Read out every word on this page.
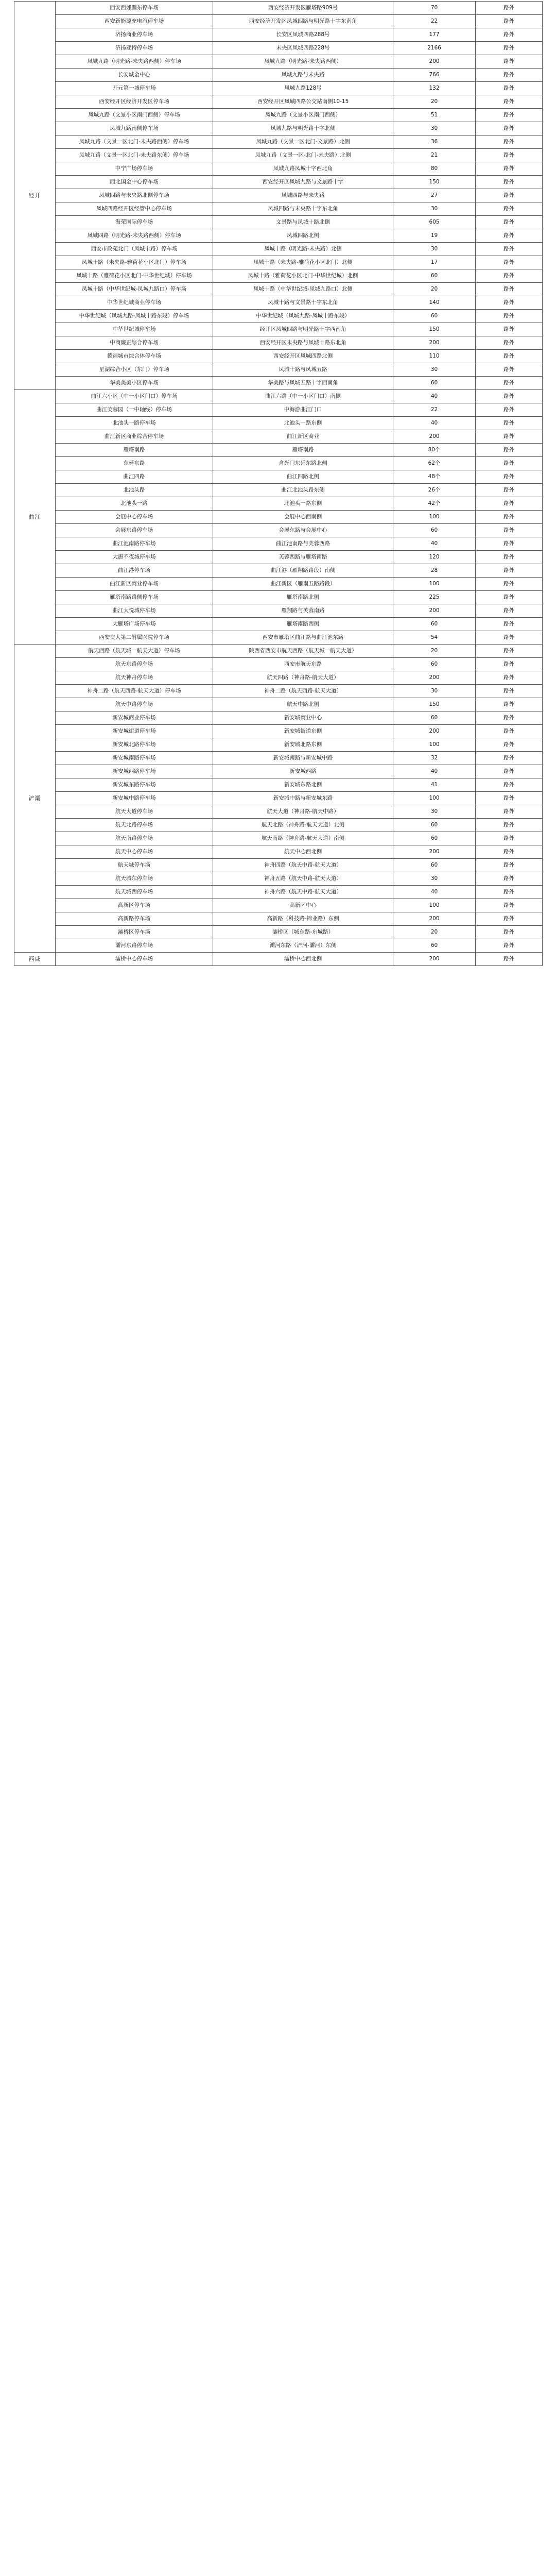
经开	西安西郊鹏东停车场	西安经济开发区雁塔路909号	70	路外
	西安新能源充电汽停车场	西安经济开发区凤城四路与明光路十字东南角	22	路外
	济扬商业停车场	长安区凤城四路288号	177	路外
	济扬亚特停车场	未央区凤城四路228号	2166	路外
	凤城九路（明光路-未央路西侧）停车场	凤城九路（明光路-未央路西侧）	200	路外
	长安城金中心	凤城九路与未央路	766	路外
	开元第一城停车场	凤城九路128号	132	路外
	西安经开区经济开发区停车场	西安经开区凤城四路公交站南侧10-15	20	路外
	凤城九路（文景小区南门西侧）停车场	凤城九路（文景小区南门西侧）	51	路外
	凤城九路南侧停车场	凤城九路与明光路十字北侧	30	路外
	凤城九路（文景一区北门-未央路西侧）停车场	凤城九路（文景一区北门-文景路）北侧	36	路外
	凤城九路（文景一区北门-未央路东侧）停车场	凤城九路（文景一区-北门-未央路）北侧	21	路外
	中宁广场停车场	凤城九路凤城十字西北角	80	路外
	西北国金中心停车场	西安经开区凤城九路与文景路十字	150	路外
	凤城四路与未央路北侧停车场	凤城四路与未央路	27	路外
	凤城四路经开区经管中心停车场	凤城四路与未央路十字东北角	30	路外
	海荣国际停车场	文景路与凤城十路北侧	605	路外
	凤城四路（明光路-未央路西侧）停车场	凤城四路北侧	19	路外
	西安市政苑北门（凤城十路）停车场	凤城十路（明光路-未央路）北侧	30	路外
	凤城十路（未央路-雅荷花小区北门）停车场	凤城十路（未央路-雅荷花小区北门）北侧	17	路外
	凤城十路（雅荷花小区北门-中华世纪城）停车场	凤城十路（雅荷花小区北门-中华世纪城）北侧	60	路外
	凤城十路（中华世纪城-凤城九路口）停车场	凤城十路（中华世纪城-凤城九路口）北侧	20	路外
	中华世纪城商业停车场	凤城十路与文景路十字东北角	140	路外
	中华世纪城（凤城九路-凤城十路东段）停车场	中华世纪城（凤城九路-凤城十路东段）	60	路外
	中华世纪城停车场	经开区凤城四路与明光路十字西南角	150	路外
	中商廉正综合停车场	西安经开区未央路与凤城十路东北角	200	路外
	德福城市综合体停车场	西安经开区凤城四路北侧	110	路外
	星湖综合小区（东门）停车场	凤城十路与凤城五路	30	路外
	华美美美小区停车场	华美路与凤城五路十字西南角	60	路外
曲江	曲江六小区（中一小区门口）停车场	曲江六路（中一小区门口）南侧	40	路外
	曲江芙蓉园（一中轴线）停车场	中海游曲江门口	22	路外
	北池头一路停车场	北池头一路东侧	40	路外
	曲江新区商业综合停车场	曲江新区商业	200	路外
	雁塔南路	雁塔南路	80个	路外
	东延东路	含光门东延东路北侧	62个	路外
	曲江四路	曲江四路北侧	48个	路外
	北池头路	曲江北池头路东侧	26个	路外
	北池头一路	北池头一路东侧	42个	路外
	会展中心停车场	会展中心西南侧	100	路外
	会展东路停车场	会展东路与会展中心	60	路外
	曲江池南路停车场	曲江池南路与芙蓉西路	40	路外
	大唐不夜城停车场	芙蓉西路与雁塔南路	120	路外
	曲江港停车场	曲江港（雁翔路路段）南侧	28	路外
	曲江新区商业停车场	曲江新区（雁南五路路段）	100	路外
	雁塔南路路侧停车场	雁塔南路北侧	225	路外
	曲江大悦城停车场	雁翔路与芙蓉南路	200	路外
	大雁塔广场停车场	雁塔南路西侧	60	路外
	西安交大第二附属医院停车场	西安市雁塔区曲江路与曲江池东路	54	路外
浐灞	航天西路（航天城一航天大道）停车场	陕西省西安市航天西路（航天城一航天大道）	20	路外
	航天东路停车场	西安市航天东路	60	路外
	航天神舟停车场	航天四路（神舟路-航天大道）	200	路外
	神舟二路（航天西路-航天大道）停车场	神舟二路（航天西路-航天大道）	30	路外
	航天中路停车场	航天中路北侧	150	路外
	新安城商业停车场	新安城商业中心	60	路外
	新安城街道停车场	新安城街道东侧	200	路外
	新安城北路停车场	新安城北路东侧	100	路外
	新安城南路停车场	新安城南路与新安城中路	32	路外
	新安城西路停车场	新安城西路	40	路外
	新安城东路停车场	新安城东路北侧	41	路外
	新安城中路停车场	新安城中路与新安城东路	100	路外
	航天大道停车场	航天大道（神舟路-航天中路）	30	路外
	航天北路停车场	航天北路（神舟路-航天大道）北侧	60	路外
	航天南路停车场	航天南路（神舟路-航天大道）南侧	60	路外
	航天中心停车场	航天中心西北侧	200	路外
	航天城停车场	神舟四路（航天中路-航天大道）	60	路外
	航天城东停车场	神舟五路（航天中路-航天大道）	30	路外
	航天城西停车场	神舟六路（航天中路-航天大道）	40	路外
	高新区停车场	高新区中心	100	路外
	高新路停车场	高新路（科技路-锦业路）东侧	200	路外
	灞桥区停车场	灞桥区（城东路-东城路）	20	路外
	灞河东路停车场	灞河东路（浐河-灞河）东侧	60	路外
西咸	灞桥中心停车场	灞桥中心西北侧	200	路外
